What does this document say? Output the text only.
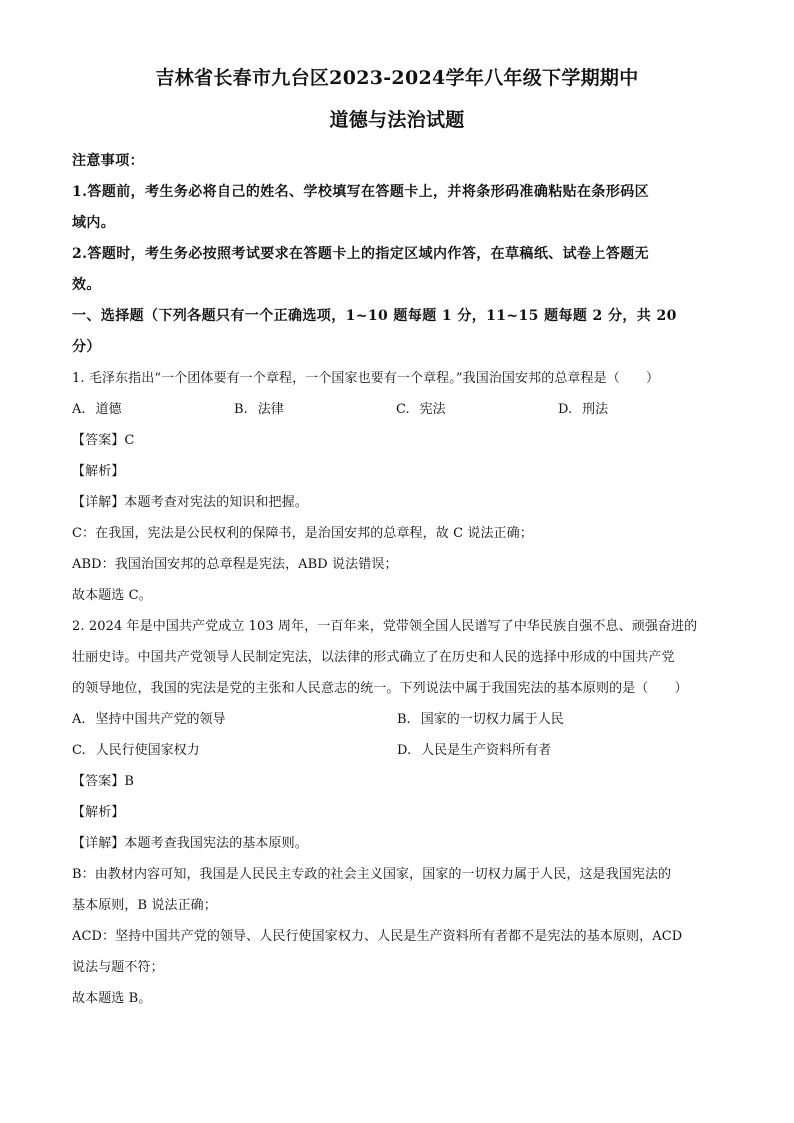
吉林省长春市九台区2023-2024学年八年级下学期期中
道德与法治试题
注意事项：
1.答题前，考生务必将自己的姓名、学校填写在答题卡上，并将条形码准确粘贴在条形码区
域内。
2.答题时，考生务必按照考试要求在答题卡上的指定区域内作答，在草稿纸、试卷上答题无
效。
一、选择题（下列各题只有一个正确选项，1~10 题每题 1 分，11~15 题每题 2 分，共 20
分）
1. 毛泽东指出“一个团体要有一个章程，一个国家也要有一个章程。”我国治国安邦的总章程是（　　）
A. 道德	B. 法律	C. 宪法	D. 刑法
【答案】C
【解析】
【详解】本题考查对宪法的知识和把握。
C：在我国，宪法是公民权利的保障书，是治国安邦的总章程，故 C 说法正确；
ABD：我国治国安邦的总章程是宪法，ABD 说法错误；
故本题选 C。
2. 2024 年是中国共产党成立 103 周年，一百年来，党带领全国人民谱写了中华民族自强不息、顽强奋进的
壮丽史诗。中国共产党领导人民制定宪法，以法律的形式确立了在历史和人民的选择中形成的中国共产党
的领导地位，我国的宪法是党的主张和人民意志的统一。下列说法中属于我国宪法的基本原则的是（　　）
A. 坚持中国共产党的领导	B. 国家的一切权力属于人民
C. 人民行使国家权力	D. 人民是生产资料所有者
【答案】B
【解析】
【详解】本题考查我国宪法的基本原则。
B：由教材内容可知，我国是人民民主专政的社会主义国家，国家的一切权力属于人民，这是我国宪法的
基本原则，B 说法正确；
ACD：坚持中国共产党的领导、人民行使国家权力、人民是生产资料所有者都不是宪法的基本原则，ACD
说法与题不符；
故本题选 B。
